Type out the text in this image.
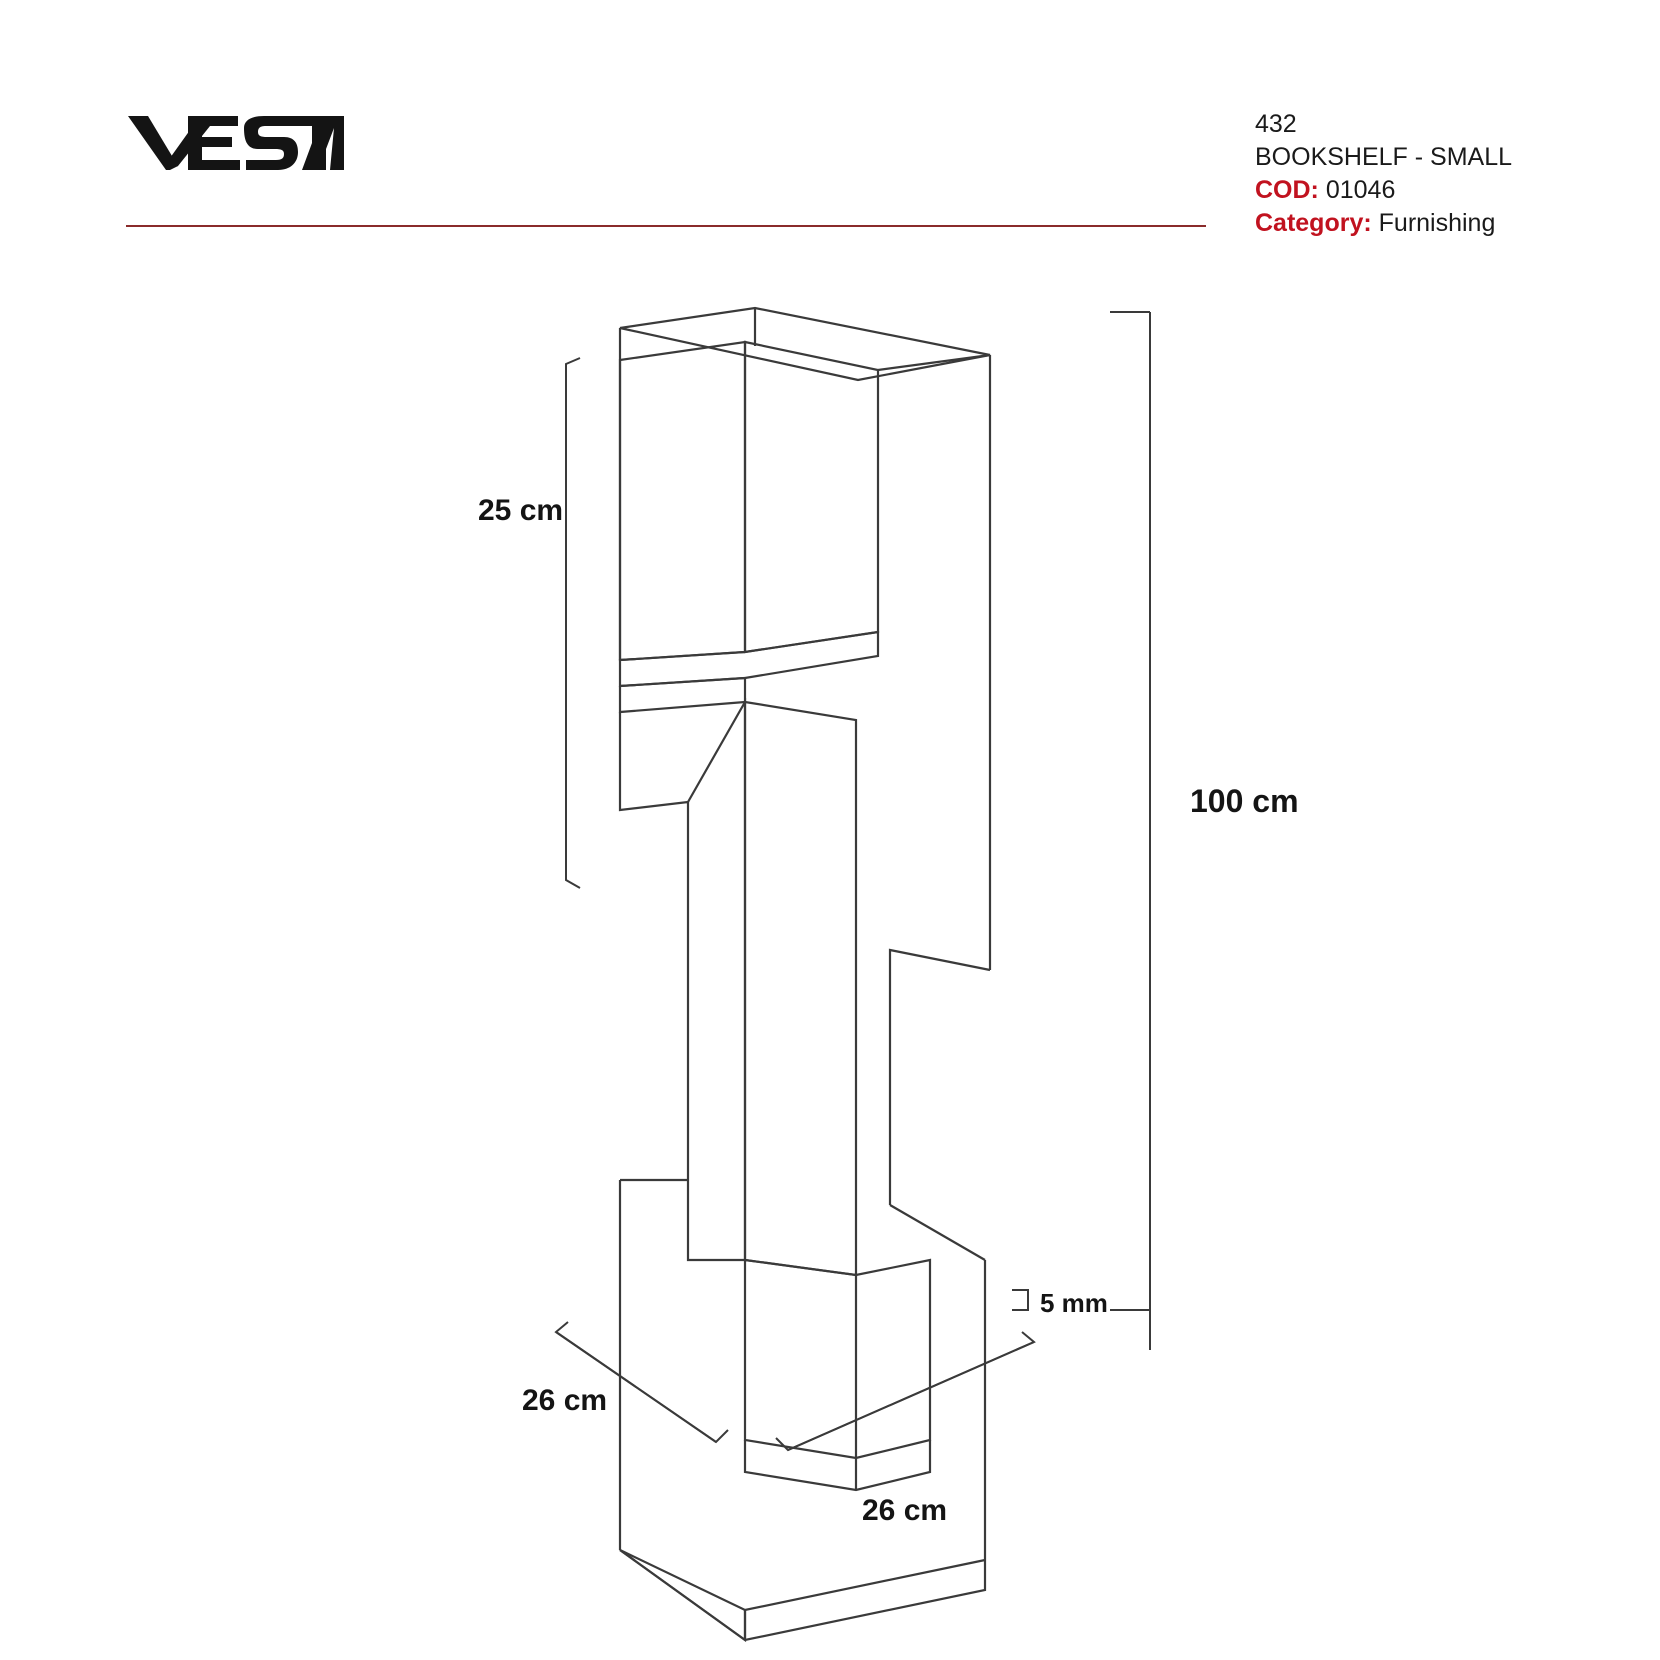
432
BOOKSHELF - SMALL
COD: 01046
Category: Furnishing
25 cm
100 cm
5 mm
26 cm
26 cm
